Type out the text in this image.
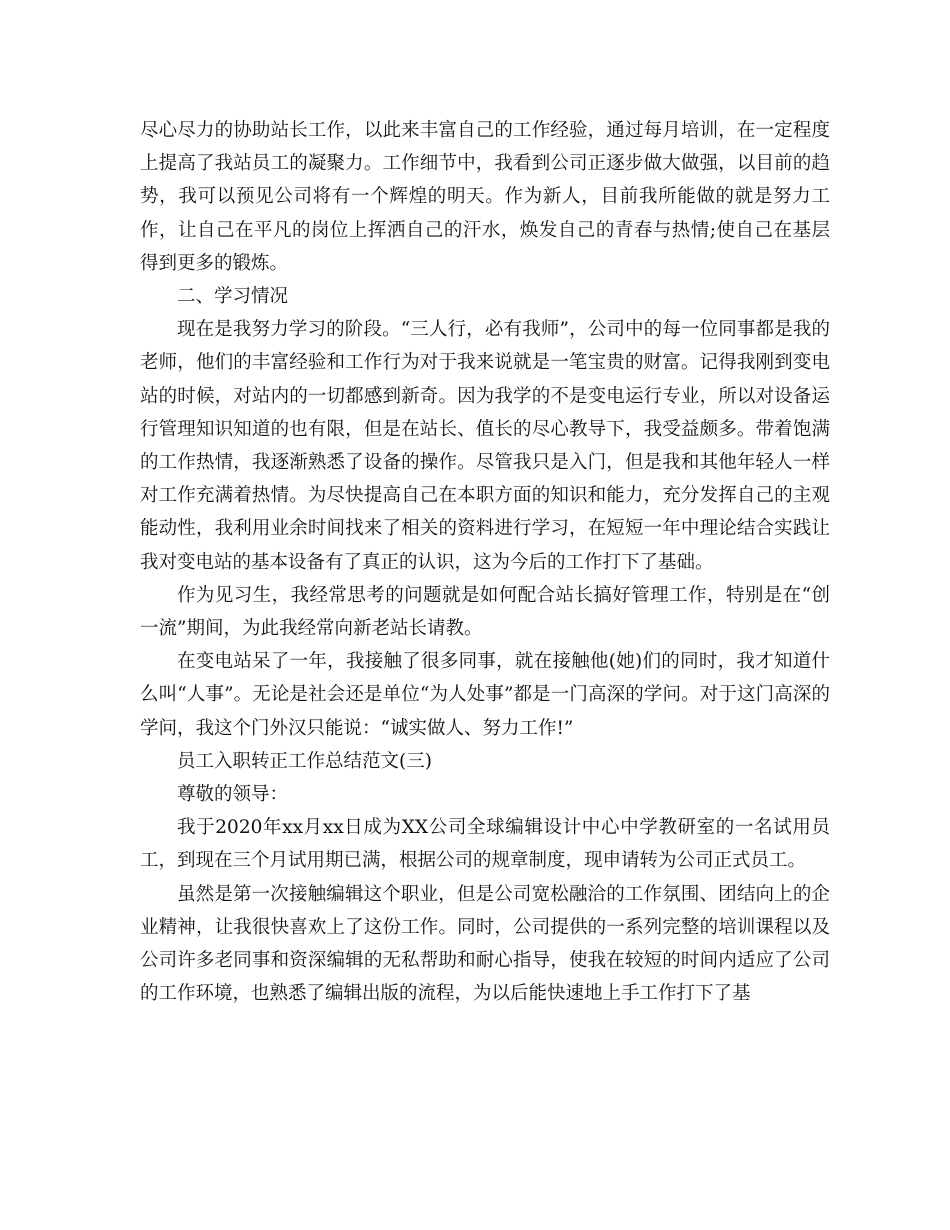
尽心尽力的协助站长工作，以此来丰富自己的工作经验，通过每月培训，在一定程度上提高了我站员工的凝聚力。工作细节中，我看到公司正逐步做大做强，以目前的趋势，我可以预见公司将有一个辉煌的明天。作为新人，目前我所能做的就是努力工作，让自己在平凡的岗位上挥洒自己的汗水，焕发自己的青春与热情;使自己在基层得到更多的锻炼。

二、学习情况

现在是我努力学习的阶段。“三人行，必有我师”，公司中的每一位同事都是我的老师，他们的丰富经验和工作行为对于我来说就是一笔宝贵的财富。记得我刚到变电站的时候，对站内的一切都感到新奇。因为我学的不是变电运行专业，所以对设备运行管理知识知道的也有限，但是在站长、值长的尽心教导下，我受益颇多。带着饱满的工作热情，我逐渐熟悉了设备的操作。尽管我只是入门，但是我和其他年轻人一样对工作充满着热情。为尽快提高自己在本职方面的知识和能力，充分发挥自己的主观能动性，我利用业余时间找来了相关的资料进行学习，在短短一年中理论结合实践让我对变电站的基本设备有了真正的认识，这为今后的工作打下了基础。

作为见习生，我经常思考的问题就是如何配合站长搞好管理工作，特别是在“创一流”期间，为此我经常向新老站长请教。

在变电站呆了一年，我接触了很多同事，就在接触他(她)们的同时，我才知道什么叫“人事”。无论是社会还是单位“为人处事”都是一门高深的学问。对于这门高深的学问，我这个门外汉只能说：“诚实做人、努力工作!”

员工入职转正工作总结范文(三)

尊敬的领导：

我于2020年xx月xx日成为XX公司全球编辑设计中心中学教研室的一名试用员工，到现在三个月试用期已满，根据公司的规章制度，现申请转为公司正式员工。

虽然是第一次接触编辑这个职业，但是公司宽松融洽的工作氛围、团结向上的企业精神，让我很快喜欢上了这份工作。同时，公司提供的一系列完整的培训课程以及公司许多老同事和资深编辑的无私帮助和耐心指导，使我在较短的时间内适应了公司的工作环境，也熟悉了编辑出版的流程，为以后能快速地上手工作打下了基
